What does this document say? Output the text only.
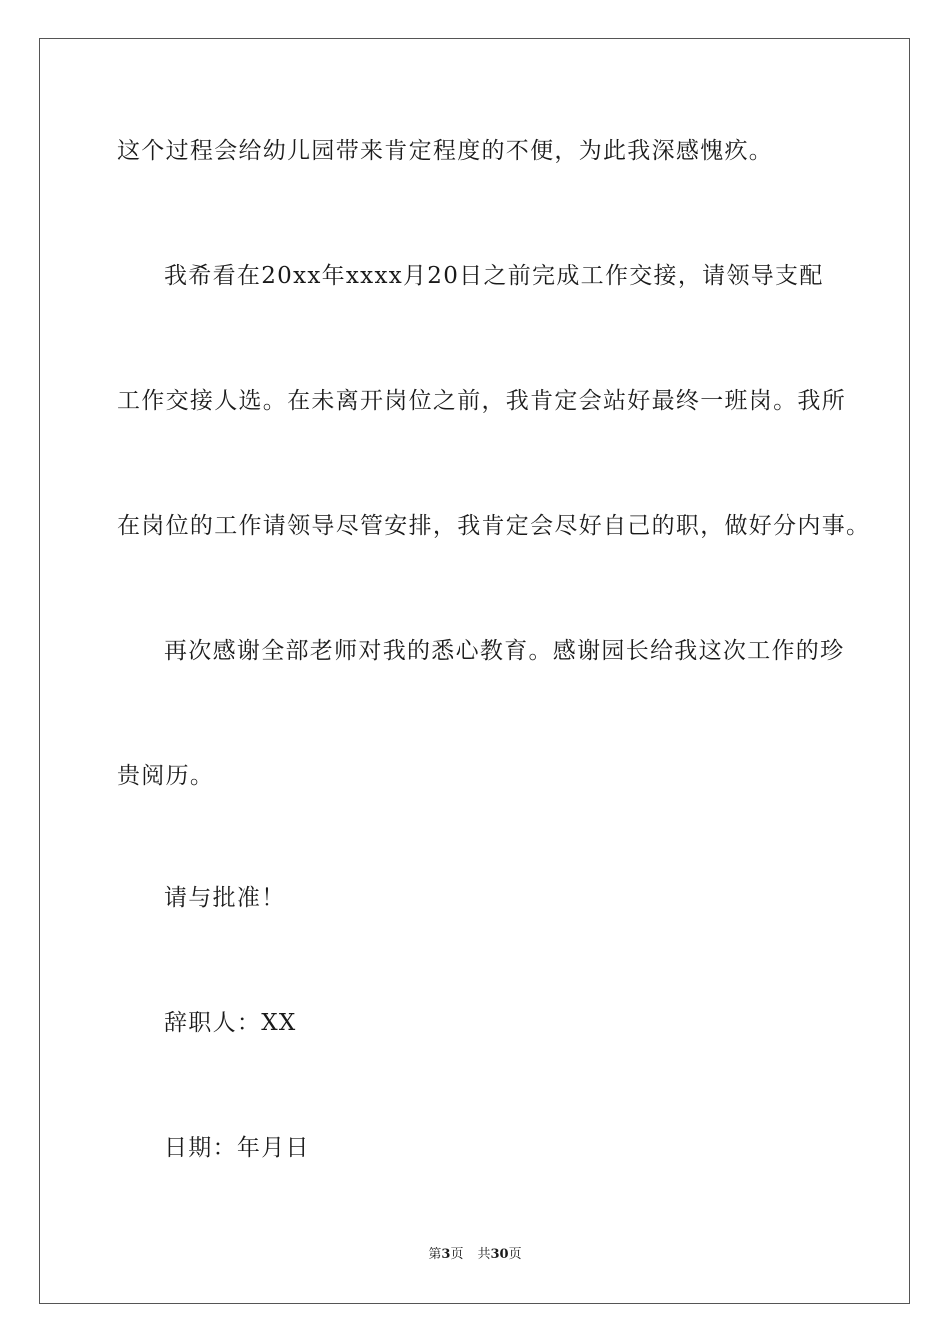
这个过程会给幼儿园带来肯定程度的不便，为此我深感愧疚。
我希看在20xx年xxxx月20日之前完成工作交接，请领导支配
工作交接人选。在未离开岗位之前，我肯定会站好最终一班岗。我所
在岗位的工作请领导尽管安排，我肯定会尽好自己的职，做好分内事。
再次感谢全部老师对我的悉心教育。感谢园长给我这次工作的珍
贵阅历。
请与批准！
辞职人：XX
日期：年月日
第3页 共30页
